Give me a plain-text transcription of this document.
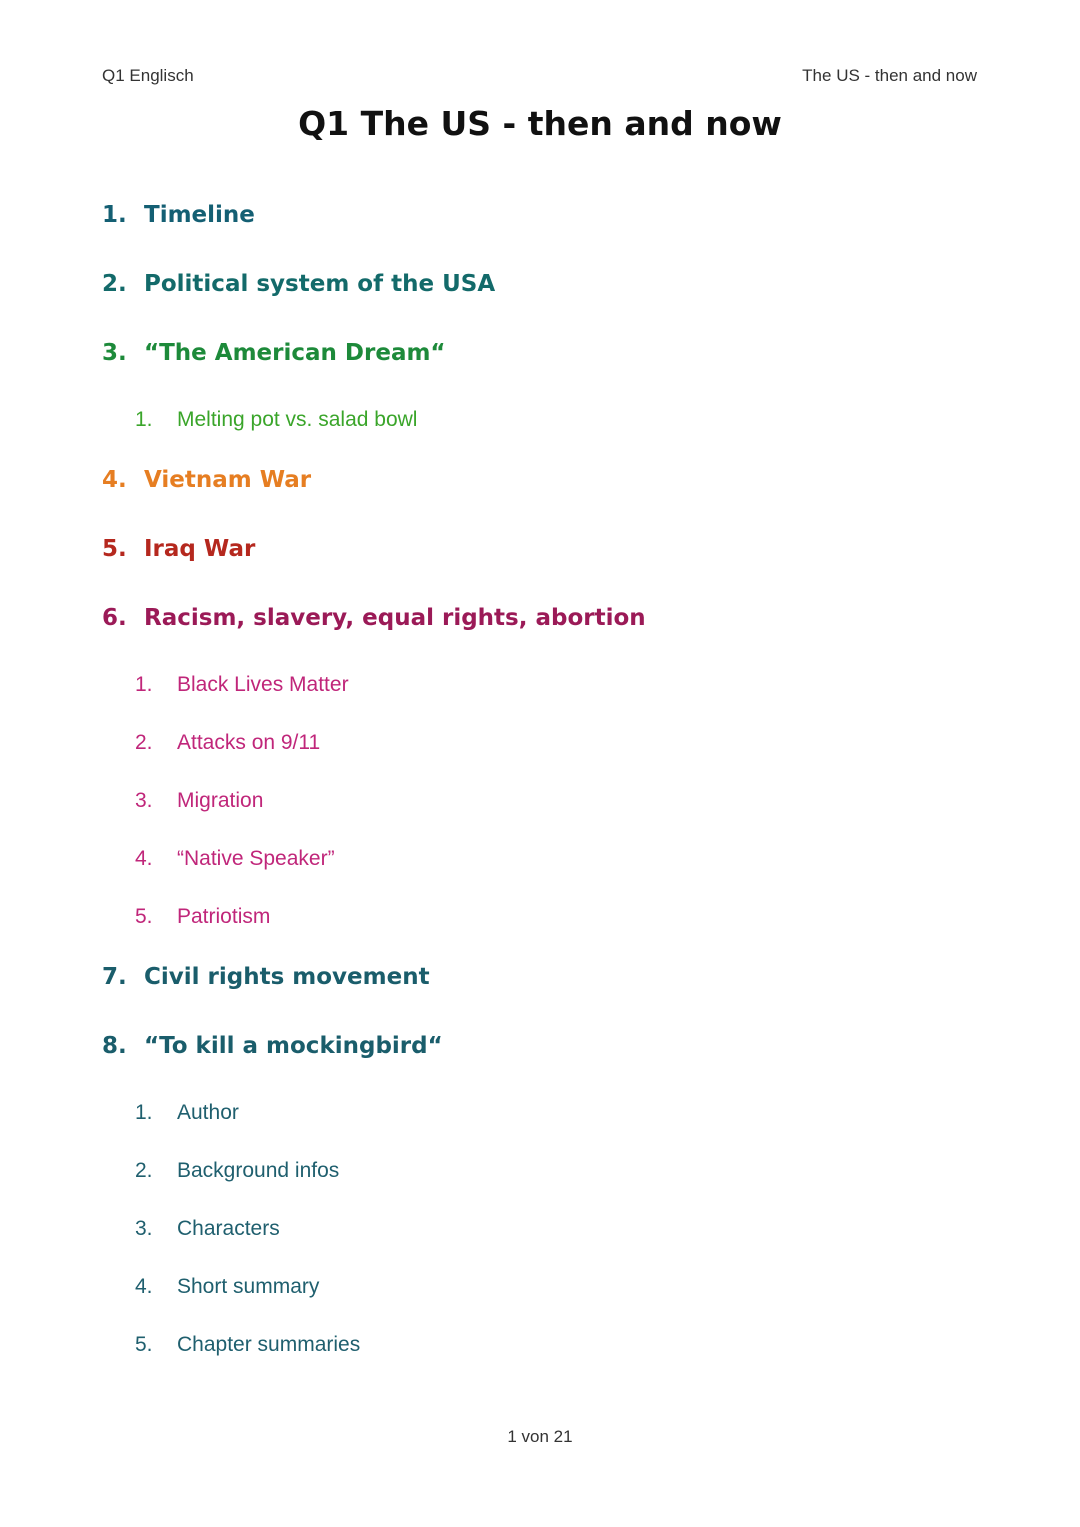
Q1 Englisch	The US - then and now
Q1 The US - then and now
1. Timeline
2. Political system of the USA
3. “The American Dream“
1.	Melting pot vs. salad bowl
4. Vietnam War
5. Iraq War
6. Racism, slavery, equal rights, abortion
1.	Black Lives Matter
2.	Attacks on 9/11
3.	Migration
4.	“Native Speaker”
5.	Patriotism
7. Civil rights movement
8. “To kill a mockingbird“
1.	Author
2.	Background infos
3.	Characters
4.	Short summary
5.	Chapter summaries
1 von 21
